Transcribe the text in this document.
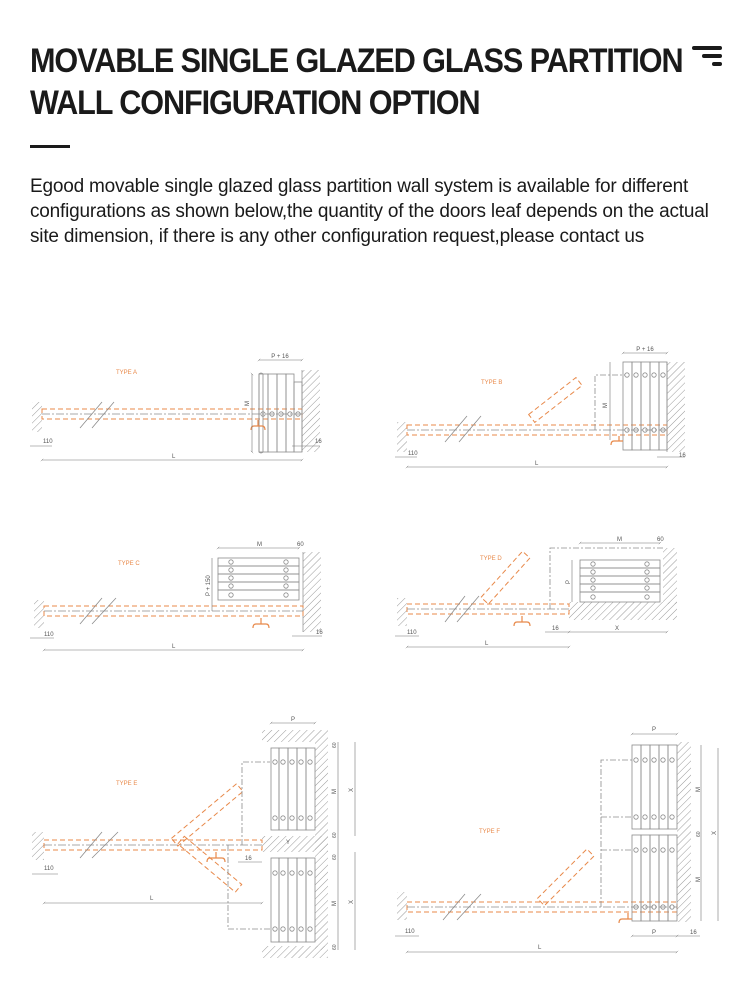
MOVABLE SINGLE GLAZED GLASS PARTITION
WALL CONFIGURATION OPTION

Egood movable single glazed glass partition wall system is available for different configurations as shown below,the quantity of the doors leaf depends on the actual site dimension, if there is any other configuration request,please contact us

P + 16
M
110	16
L
TYPE A
P + 16
M
110	16
L
TYPE B
P + 150
M	60
110	16
L
TYPE C
P
M	60
110
16	X
L
TYPE D
P
60
60
60
60
M
M
X
X
Y
16
110
L
TYPE E
P
P
M
M
60 X
16
110
L
TYPE F
